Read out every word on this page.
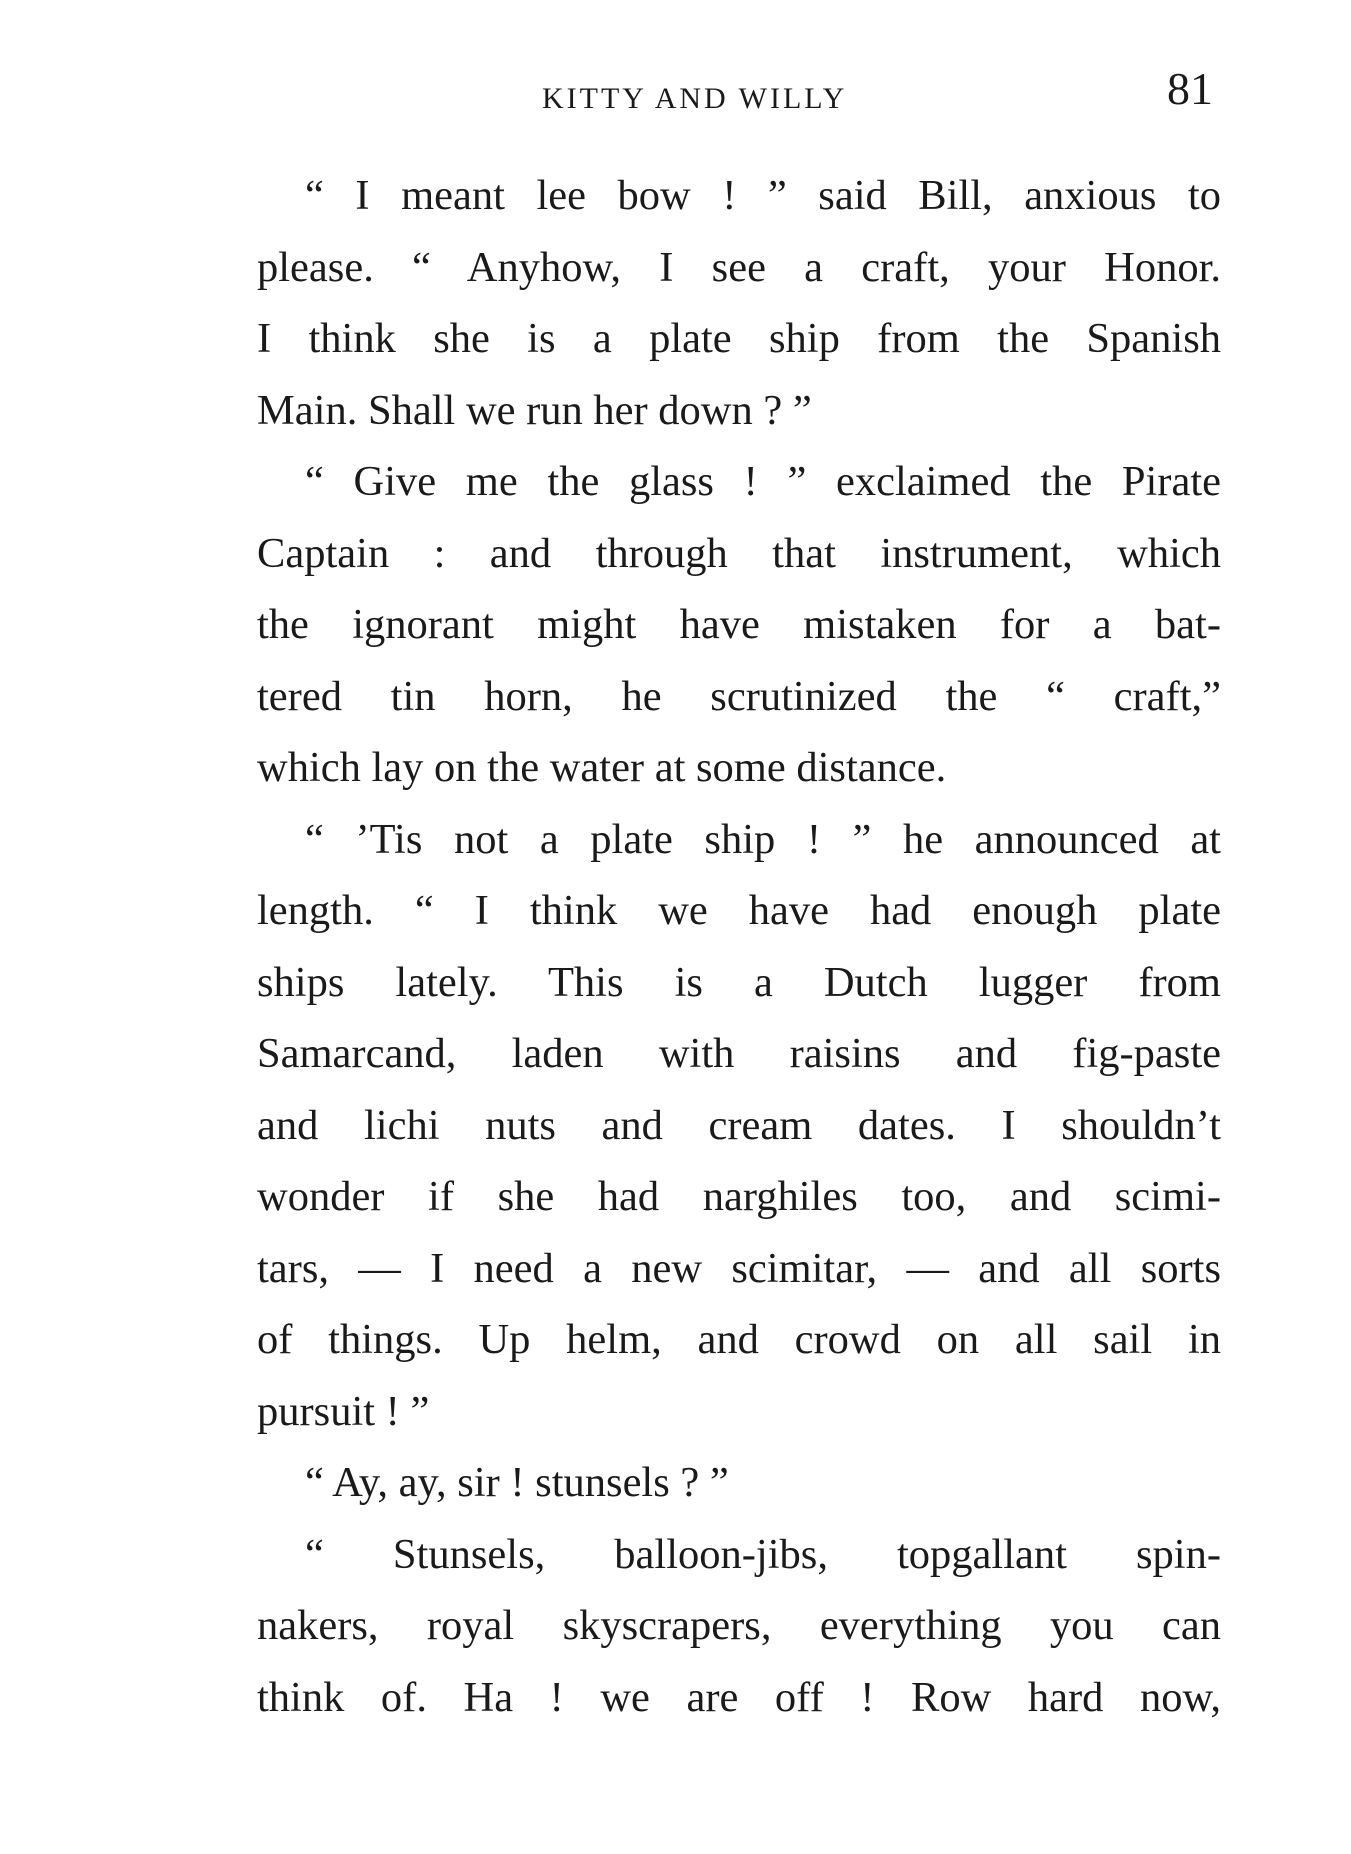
KITTY AND WILLY	81
“ I meant lee bow ! ” said Bill, anxious to
please. “ Anyhow, I see a craft, your Honor.
I think she is a plate ship from the Spanish
Main. Shall we run her down ? ”
“ Give me the glass ! ” exclaimed the Pirate
Captain : and through that instrument, which
the ignorant might have mistaken for a bat-
tered tin horn, he scrutinized the “ craft,”
which lay on the water at some distance.
“ ’Tis not a plate ship ! ” he announced at
length. “ I think we have had enough plate
ships lately. This is a Dutch lugger from
Samarcand, laden with raisins and fig-paste
and lichi nuts and cream dates. I shouldn’t
wonder if she had narghiles too, and scimi-
tars, — I need a new scimitar, — and all sorts
of things. Up helm, and crowd on all sail in
pursuit ! ”
“ Ay, ay, sir ! stunsels ? ”
“ Stunsels, balloon-jibs, topgallant spin-
nakers, royal skyscrapers, everything you can
think of. Ha ! we are off ! Row hard now,
